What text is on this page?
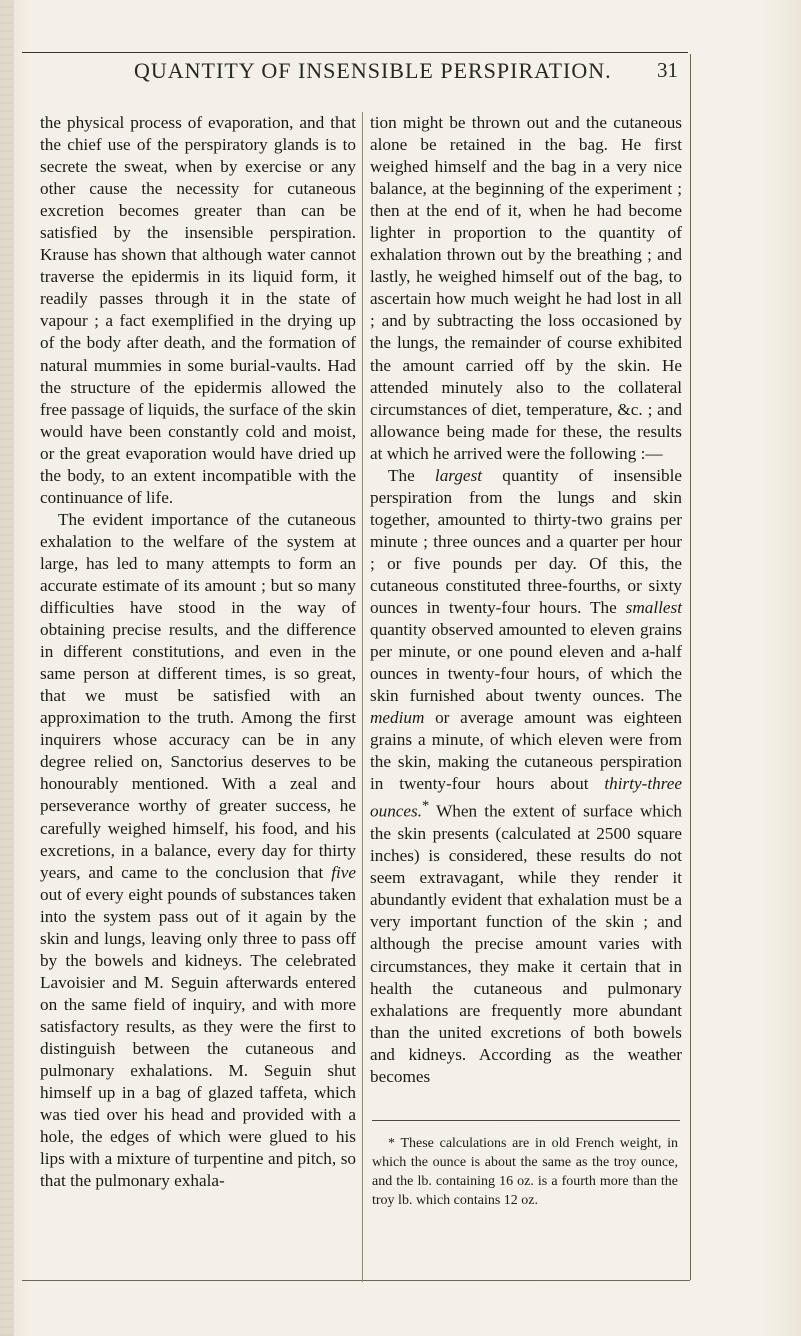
QUANTITY OF INSENSIBLE PERSPIRATION. 31

the physical process of evaporation, and that the chief use of the perspiratory glands is to secrete the sweat, when by exercise or any other cause the necessity for cutaneous excretion becomes greater than can be satisfied by the insensible perspiration. Krause has shown that although water cannot traverse the epidermis in its liquid form, it readily passes through it in the state of vapour ; a fact exemplified in the drying up of the body after death, and the formation of natural mummies in some burial-vaults. Had the structure of the epidermis allowed the free passage of liquids, the surface of the skin would have been constantly cold and moist, or the great evaporation would have dried up the body, to an extent incompatible with the continuance of life.

The evident importance of the cutaneous exhalation to the welfare of the system at large, has led to many attempts to form an accurate estimate of its amount ; but so many difficulties have stood in the way of obtaining precise results, and the difference in different constitutions, and even in the same person at different times, is so great, that we must be satisfied with an approximation to the truth. Among the first inquirers whose accuracy can be in any degree relied on, Sanctorius deserves to be honourably mentioned. With a zeal and perseverance worthy of greater success, he carefully weighed himself, his food, and his excretions, in a balance, every day for thirty years, and came to the conclusion that five out of every eight pounds of substances taken into the system pass out of it again by the skin and lungs, leaving only three to pass off by the bowels and kidneys. The celebrated Lavoisier and M. Seguin afterwards entered on the same field of inquiry, and with more satisfactory results, as they were the first to distinguish between the cutaneous and pulmonary exhalations. M. Seguin shut himself up in a bag of glazed taffeta, which was tied over his head and provided with a hole, the edges of which were glued to his lips with a mixture of turpentine and pitch, so that the pulmonary exhala-

tion might be thrown out and the cutaneous alone be retained in the bag. He first weighed himself and the bag in a very nice balance, at the beginning of the experiment ; then at the end of it, when he had become lighter in proportion to the quantity of exhalation thrown out by the breathing ; and lastly, he weighed himself out of the bag, to ascertain how much weight he had lost in all ; and by subtracting the loss occasioned by the lungs, the remainder of course exhibited the amount carried off by the skin. He attended minutely also to the collateral circumstances of diet, temperature, &c. ; and allowance being made for these, the results at which he arrived were the following :—

The largest quantity of insensible perspiration from the lungs and skin together, amounted to thirty-two grains per minute ; three ounces and a quarter per hour ; or five pounds per day. Of this, the cutaneous constituted three-fourths, or sixty ounces in twenty-four hours. The smallest quantity observed amounted to eleven grains per minute, or one pound eleven and a-half ounces in twenty-four hours, of which the skin furnished about twenty ounces. The medium or average amount was eighteen grains a minute, of which eleven were from the skin, making the cutaneous perspiration in twenty-four hours about thirty-three ounces.* When the extent of surface which the skin presents (calculated at 2500 square inches) is considered, these results do not seem extravagant, while they render it abundantly evident that exhalation must be a very important function of the skin ; and although the precise amount varies with circumstances, they make it certain that in health the cutaneous and pulmonary exhalations are frequently more abundant than the united excretions of both bowels and kidneys. According as the weather becomes

* These calculations are in old French weight, in which the ounce is about the same as the troy ounce, and the lb. containing 16 oz. is a fourth more than the troy lb. which contains 12 oz.
